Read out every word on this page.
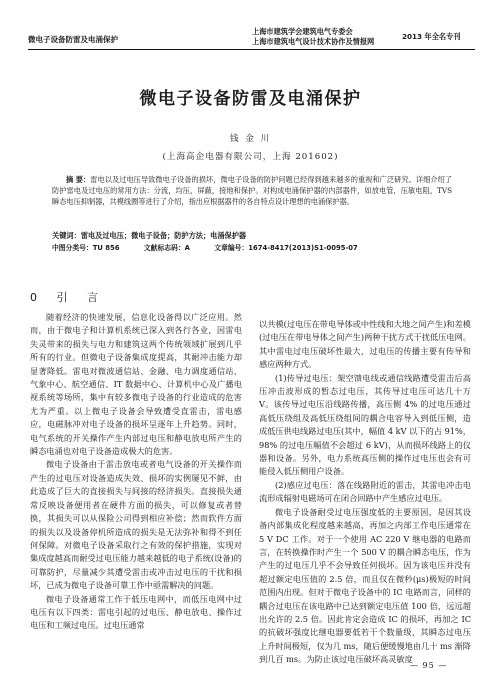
微电子设备防雷及电涌保护
上海市建筑学会建筑电气专委会
上海市建筑电气设计技术协作及情报网	2013 年全名专刊
微电子设备防雷及电涌保护
钱 金 川
(上海高企电器有限公司，上海 201602)
摘 要：雷电以及过电压导致微电子设备的损坏，微电子设备的防护问题已经得到越来越多的重视和广泛研究。详细介绍了防护雷电及过电压的常用方法：分流，均压，屏蔽，接地和保护。对构成电涌保护器的内部器件，如放电管，压敏电阻，TVS 瞬态电压抑制器，共模线圈等进行了介绍，指出应根据器件的各自特点设计理想的电涌保护器。
关键词：雷电及过电压；微电子设备；防护方法；电涌保护器
中图分类号：TU 856	文献标志码：A	文章编号：1674-8417(2013)S1-0095-07
0 引 言

随着经济的快速发展，信息化设备得以广泛应用。然而，由于微电子和计算机系统已深入到各行各业，因雷电失灵带来的损失与电力和建筑这两个传统领域扩展到几乎所有的行业。但微电子设备集成度提高，其耐冲击能力却显著降低。雷电对微波通信站、金融、电力调度通信站、气象中心、航空通信、IT 数据中心、计算机中心及广播电视系统等场所，集中有较多微电子设备的行业造成的危害尤为严重。以上微电子设备会导致遭受直雷击，雷电感应，电磁脉冲对电子设备的损坏呈逐年上升趋势。同时，电气系统的开关操作产生内部过电压和静电放电所产生的瞬态电涌也对电子设备造成极大的危害。

微电子设备由于雷击放电或者电气设备的开关操作而产生的过电压对设备造成失效、损坏的实例屡见不鲜，由此造成了巨大的直接损失与间接的经济损失。直接损失通常反映设备便用者在硬件方面的损失，可以修复或者替换，其损失可以从保险公司得到相应补偿；然而软件方面的损失以及设备停机所造成的损失是无法弥补和得不到任何保障。对微电子设备采取行之有效的保护措施，实现对集成度越高而耐受过电压能力越来越低的电子系统(设备)的可靠防护，尽量减少其遭受雷击或冲击过电压的干扰和损坏，已成为微电子设备可靠工作中亟需解决的问题。

微电子设备通常工作于低压电网中，而低压电网中过电压有以下四类：雷电引起的过电压、静电放电、操作过电压和工频过电压。过电压通常

以共模(过电压在带电导体或中性线和大地之间产生)和差模(过电压在带电导体之间产生)两种干扰方式干扰低压电网。其中雷电过电压破坏性最大，过电压的传播主要有传导和感应两种方式。

(1)传导过电压：架空馈电线或通信线路遭受雷击后高压冲击波形成的暂态过电压，其传导过电压可达几十万 V。该传导过电压沿线路传播，高压侧 4% 的过电压通过高低压绕组及高低压绕组间的耦合电容导入到低压侧，造成低压供电线路过电压(其中，幅值 4 kV 以下的占 91%，98% 的过电压幅值不会超过 6 kV)，从而损坏线路上的仪器和设备。另外，电力系统高压侧的操作过电压也会有可能侵入低压侧用户设备。

(2)感应过电压：落在线路附近的雷击，其雷电冲击电流形成辐射电磁场可在闭合回路中产生感应过电压。

微电子设备耐受过电压强度低的主要原因，是因其设备内部集成化程度越来越高，再加之内部工作电压通常在 5 V DC 工作。对于一个使用 AC 220 V 继电器的电路而言，在转换操作时产生一个 500 V 的耦合瞬态电压，作为产生的过电压几乎不会导致任何损坏。因为该电压并没有超过额定电压值的 2.5 倍，而且仅在微秒(μs)极短的时间范围内出现。但对于微电子设备中的 IC 电路而言，同样的耦合过电压在该电路中已达到额定电压值 100 倍，远远超出允许的 2.5 倍。因此肯定会造成 IC 的损坏，再加之 IC 的抗破坏强度比继电器要低若干个数量级，其瞬态过电压上升时间极短，仅为几 ms，随后便缓慢地由几十 ms 渐降到几百 ms。为防止该过电压破坏高灵敏度

— 95 —
